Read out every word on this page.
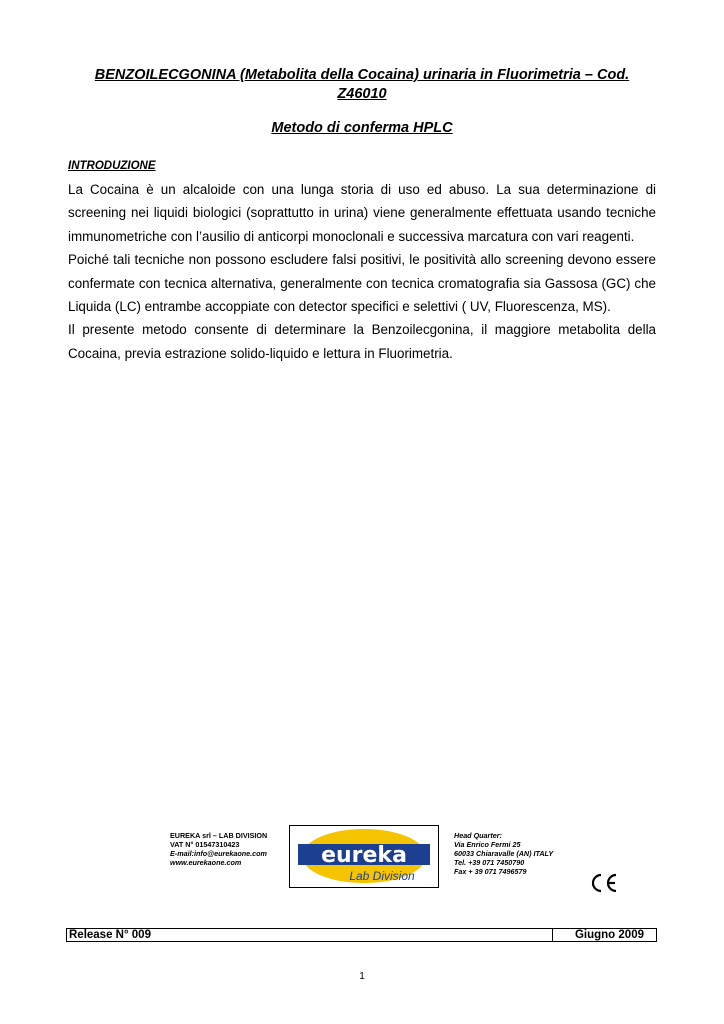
BENZOILECGONINA (Metabolita della Cocaina) urinaria in Fluorimetria – Cod. Z46010
Metodo di conferma HPLC
INTRODUZIONE

La Cocaina è un alcaloide con una lunga storia di uso ed abuso. La sua determinazione di screening nei liquidi biologici (soprattutto in urina) viene generalmente effettuata usando tecniche immunometriche con l’ausilio di anticorpi monoclonali e successiva marcatura con vari reagenti.

Poiché tali tecniche non possono escludere falsi positivi, le positività allo screening devono essere confermate con tecnica alternativa, generalmente con tecnica cromatografia sia Gassosa (GC) che Liquida (LC) entrambe accoppiate con detector specifici e selettivi ( UV, Fluorescenza, MS).

Il presente metodo consente di determinare la Benzoilecgonina, il maggiore metabolita della Cocaina, previa estrazione solido-liquido e lettura in Fluorimetria.

EUREKA srl – LAB DIVISION
VAT N° 01547310423
E-mail:info@eurekaone.com
www.eurekaone.com	eureka
Lab Division
Head Quarter:
Via Enrico Fermi 25
60033 Chiaravalle (AN) ITALY
Tel. +39 071 7450790
Fax + 39 071 7496579
Release N° 009	Giugno 2009
1
